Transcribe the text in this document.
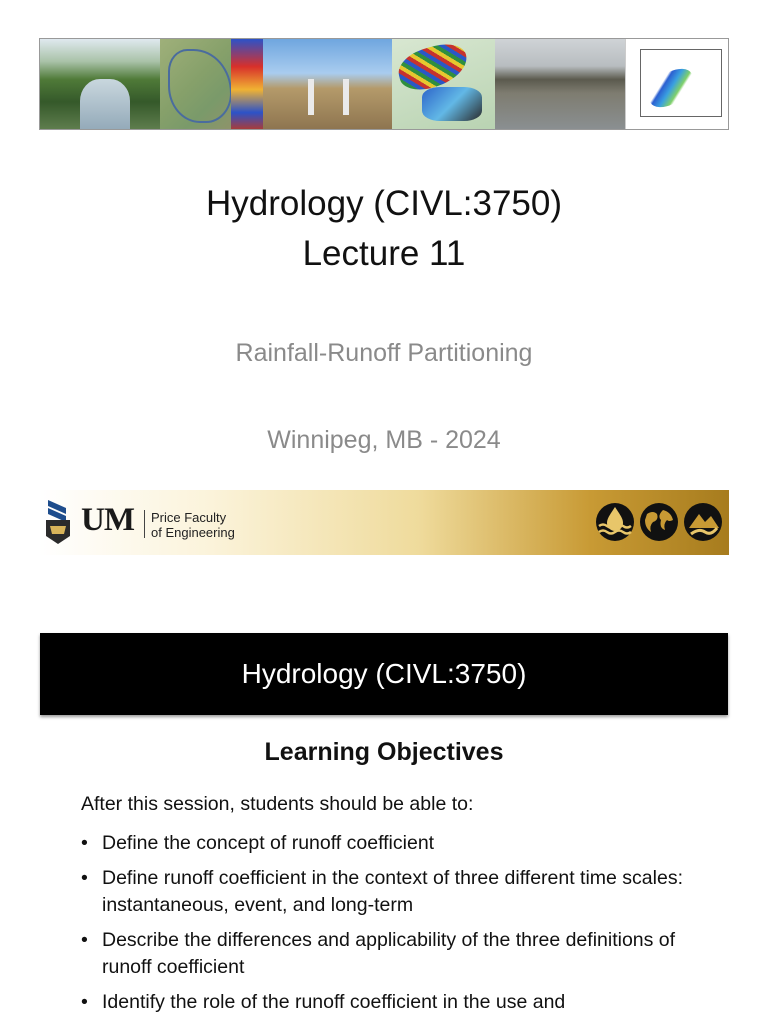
Hydrology (CIVL:3750)
Lecture 11
Rainfall-Runoff Partitioning
Winnipeg, MB - 2024
UM Price Faculty
of Engineering
Hydrology (CIVL:3750)
Learning Objectives
After this session, students should be able to:
• Define the concept of runoff coefficient
• Define runoff coefficient in the context of three different time scales: instantaneous, event, and long-term
• Describe the differences and applicability of the three definitions of runoff coefficient
• Identify the role of the runoff coefficient in the use and
